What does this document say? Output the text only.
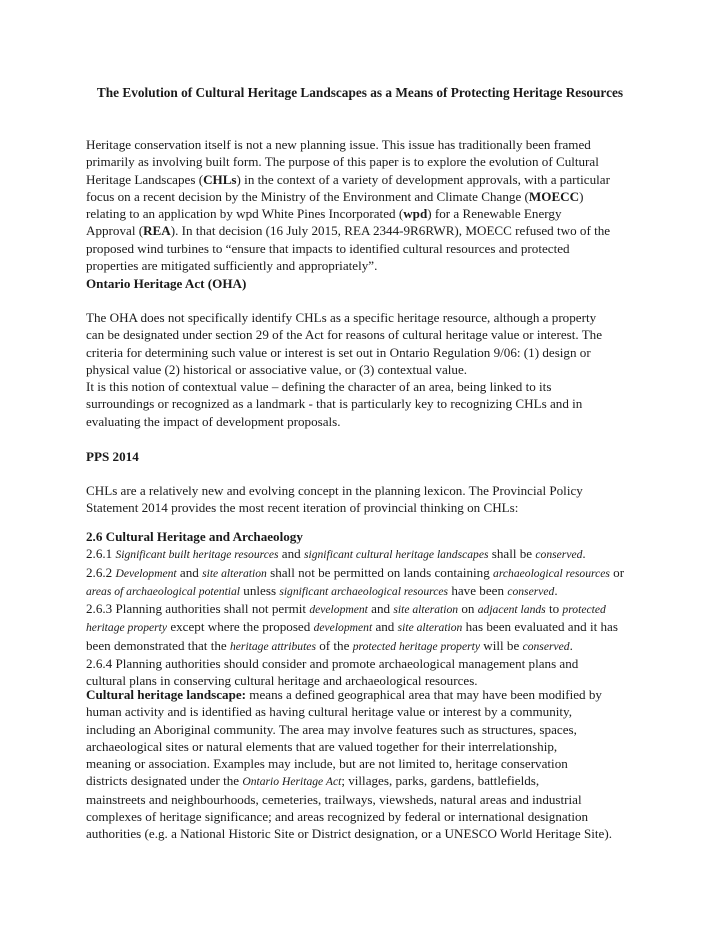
The Evolution of Cultural Heritage Landscapes as a Means of Protecting Heritage Resources
Heritage conservation itself is not a new planning issue. This issue has traditionally been framed
primarily as involving built form. The purpose of this paper is to explore the evolution of Cultural
Heritage Landscapes (CHLs) in the context of a variety of development approvals, with a particular
focus on a recent decision by the Ministry of the Environment and Climate Change (MOECC)
relating to an application by wpd White Pines Incorporated (wpd) for a Renewable Energy
Approval (REA). In that decision (16 July 2015, REA 2344-9R6RWR), MOECC refused two of the
proposed wind turbines to “ensure that impacts to identified cultural resources and protected
properties are mitigated sufficiently and appropriately”.
Ontario Heritage Act (OHA)
The OHA does not specifically identify CHLs as a specific heritage resource, although a property
can be designated under section 29 of the Act for reasons of cultural heritage value or interest. The
criteria for determining such value or interest is set out in Ontario Regulation 9/06: (1) design or
physical value (2) historical or associative value, or (3) contextual value.
It is this notion of contextual value – defining the character of an area, being linked to its
surroundings or recognized as a landmark - that is particularly key to recognizing CHLs and in
evaluating the impact of development proposals.
PPS 2014
CHLs are a relatively new and evolving concept in the planning lexicon. The Provincial Policy
Statement 2014 provides the most recent iteration of provincial thinking on CHLs:
2.6 Cultural Heritage and Archaeology
2.6.1 Significant built heritage resources and significant cultural heritage landscapes shall be conserved.
2.6.2 Development and site alteration shall not be permitted on lands containing archaeological resources or
areas of archaeological potential unless significant archaeological resources have been conserved.
2.6.3 Planning authorities shall not permit development and site alteration on adjacent lands to protected
heritage property except where the proposed development and site alteration has been evaluated and it has
been demonstrated that the heritage attributes of the protected heritage property will be conserved.
2.6.4 Planning authorities should consider and promote archaeological management plans and
cultural plans in conserving cultural heritage and archaeological resources.
Cultural heritage landscape: means a defined geographical area that may have been modified by
human activity and is identified as having cultural heritage value or interest by a community,
including an Aboriginal community. The area may involve features such as structures, spaces,
archaeological sites or natural elements that are valued together for their interrelationship,
meaning or association. Examples may include, but are not limited to, heritage conservation
districts designated under the Ontario Heritage Act; villages, parks, gardens, battlefields,
mainstreets and neighbourhoods, cemeteries, trailways, viewsheds, natural areas and industrial
complexes of heritage significance; and areas recognized by federal or international designation
authorities (e.g. a National Historic Site or District designation, or a UNESCO World Heritage Site).
